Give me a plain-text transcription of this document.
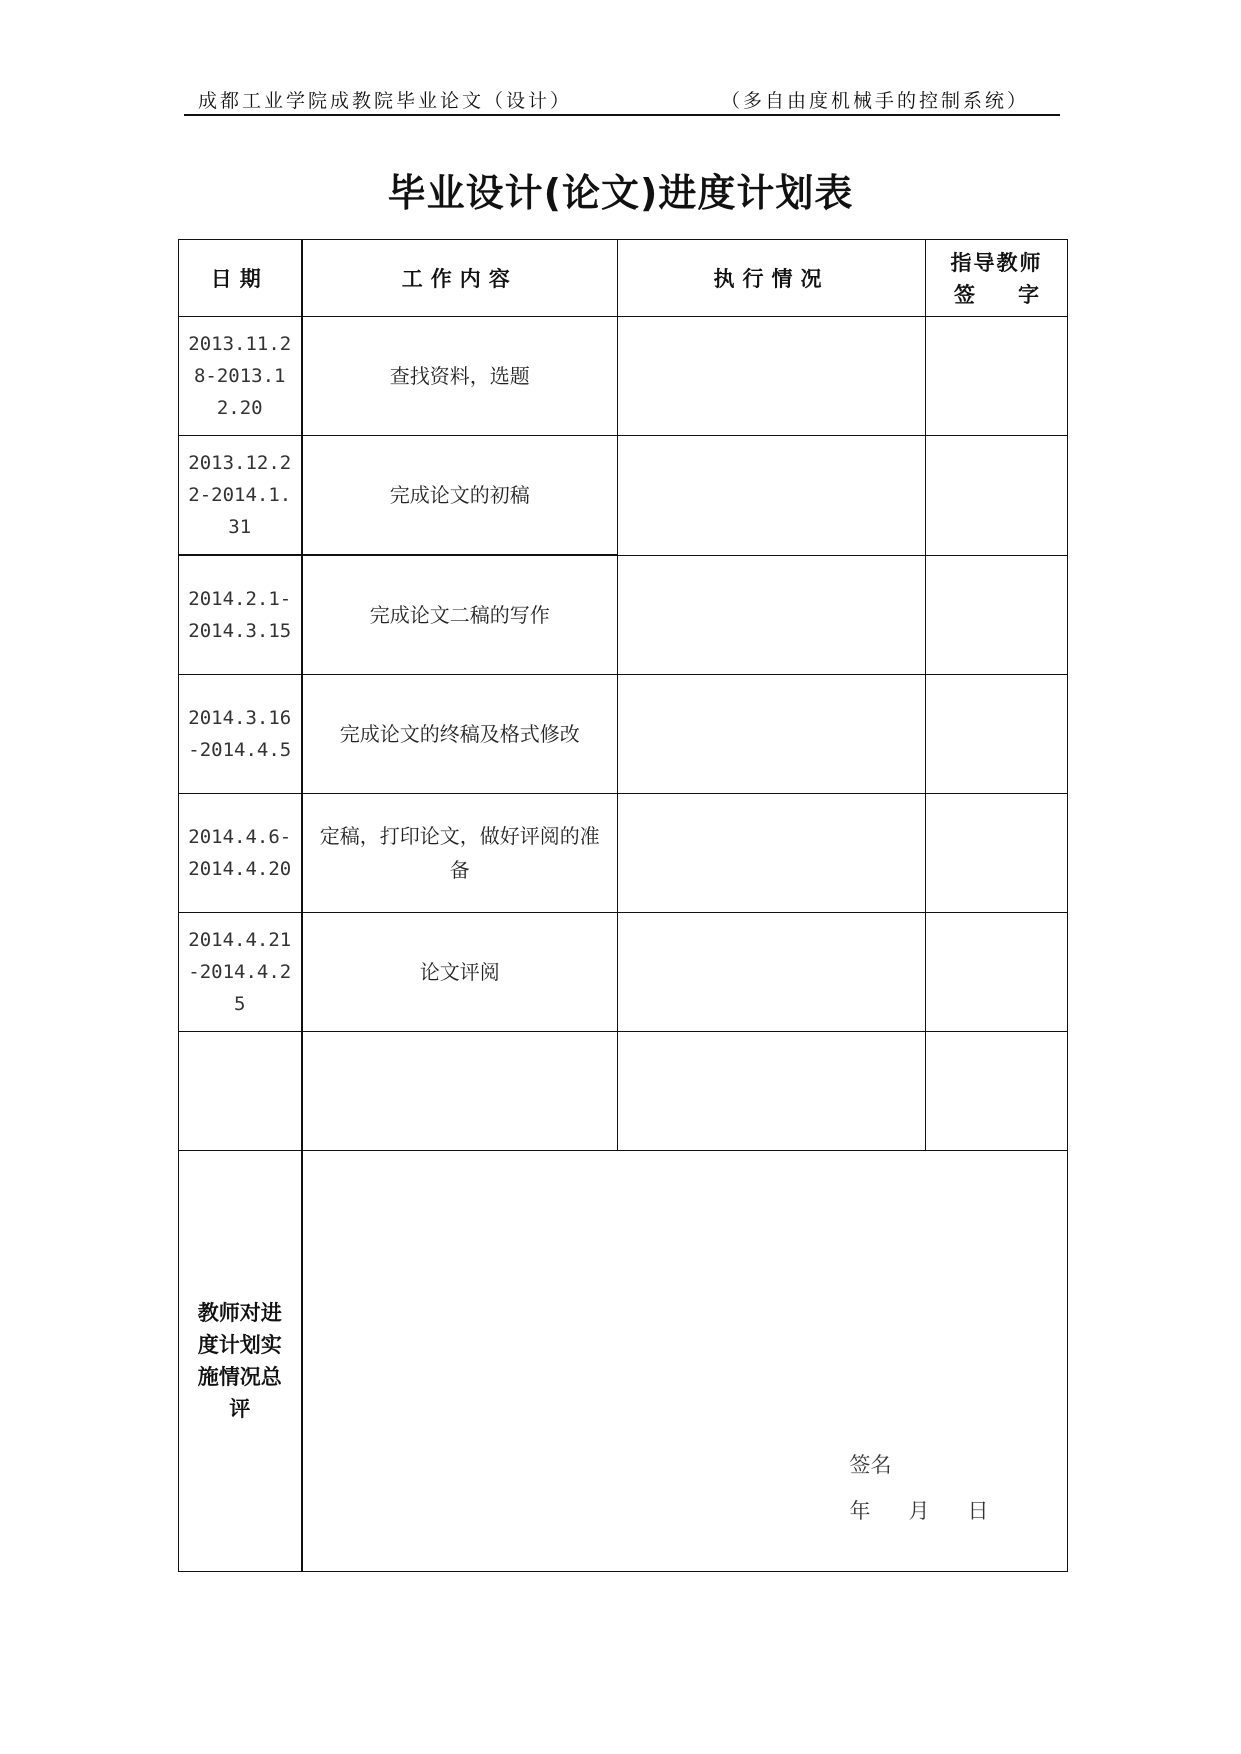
成都工业学院成教院毕业论文（设计）	（多自由度机械手的控制系统）
毕业设计(论文)进度计划表
日期	工作内容	执行情况	指导教师
签 字

2013.11.28-2013.12.20	查找资料，选题		
2013.12.22-2014.1.31	完成论文的初稿		
2014.2.1-2014.3.15	完成论文二稿的写作		
2014.3.16-2014.4.5	完成论文的终稿及格式修改		
2014.4.6-2014.4.20	定稿，打印论文，做好评阅的准备		
2014.4.21-2014.4.25	论文评阅		

教师对进度计划实施情况总评	签名
年 月 日		
